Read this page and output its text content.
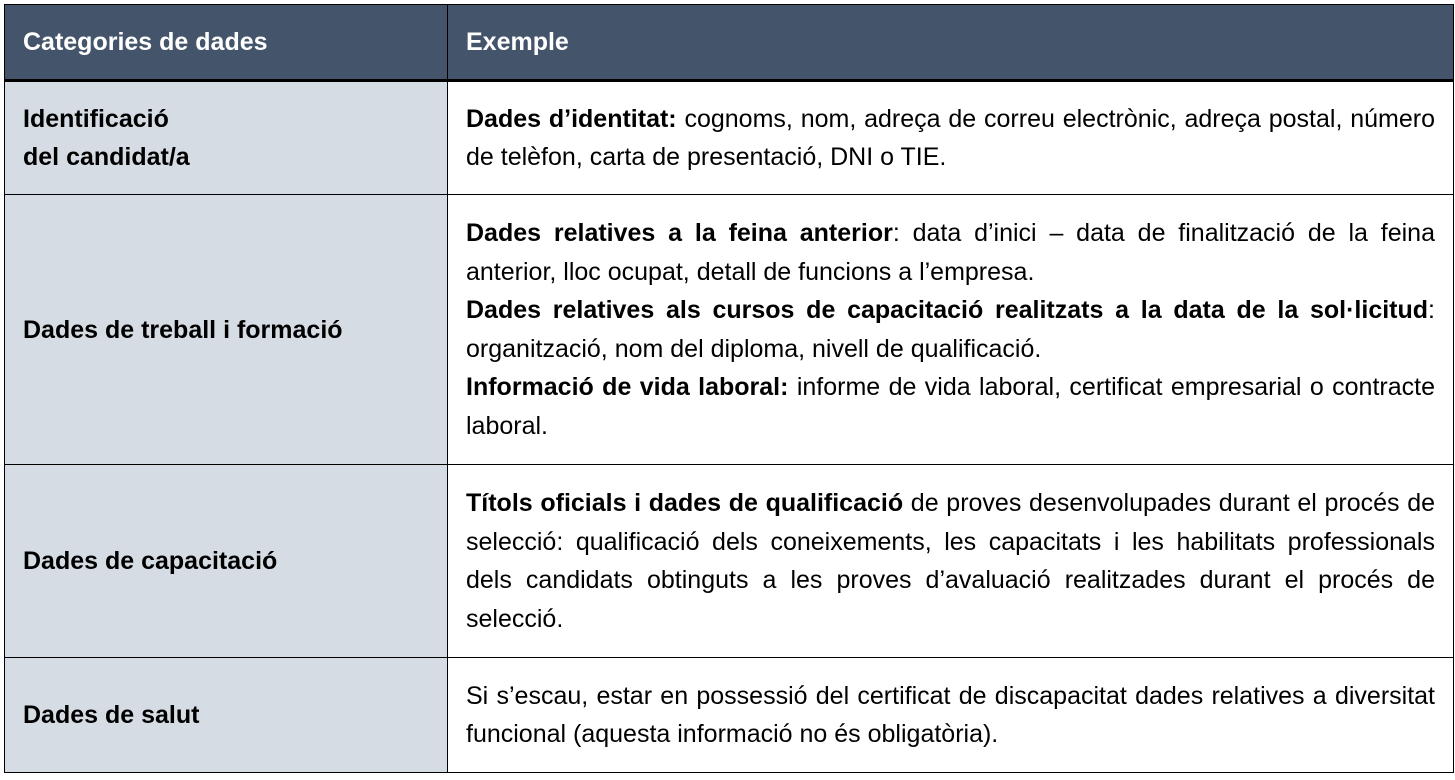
Categories de dades	Exemple

Identificació
del candidat/a	Dades d’identitat: cognoms, nom, adreça de correu electrònic, adreça postal, número de telèfon, carta de presentació, DNI o TIE.

Dades de treball i formació	Dades relatives a la feina anterior: data d’inici – data de finalització de la feina anterior, lloc ocupat, detall de funcions a l’empresa.
Dades relatives als cursos de capacitació realitzats a la data de la sol·licitud: organització, nom del diploma, nivell de qualificació.
Informació de vida laboral: informe de vida laboral, certificat empresarial o contracte laboral.

Dades de capacitació	Títols oficials i dades de qualificació de proves desenvolupades durant el procés de selecció: qualificació dels coneixements, les capacitats i les habilitats professionals dels candidats obtinguts a les proves d’avaluació realitzades durant el procés de selecció.

Dades de salut	Si s’escau, estar en possessió del certificat de discapacitat dades relatives a diversitat funcional (aquesta informació no és obligatòria).
